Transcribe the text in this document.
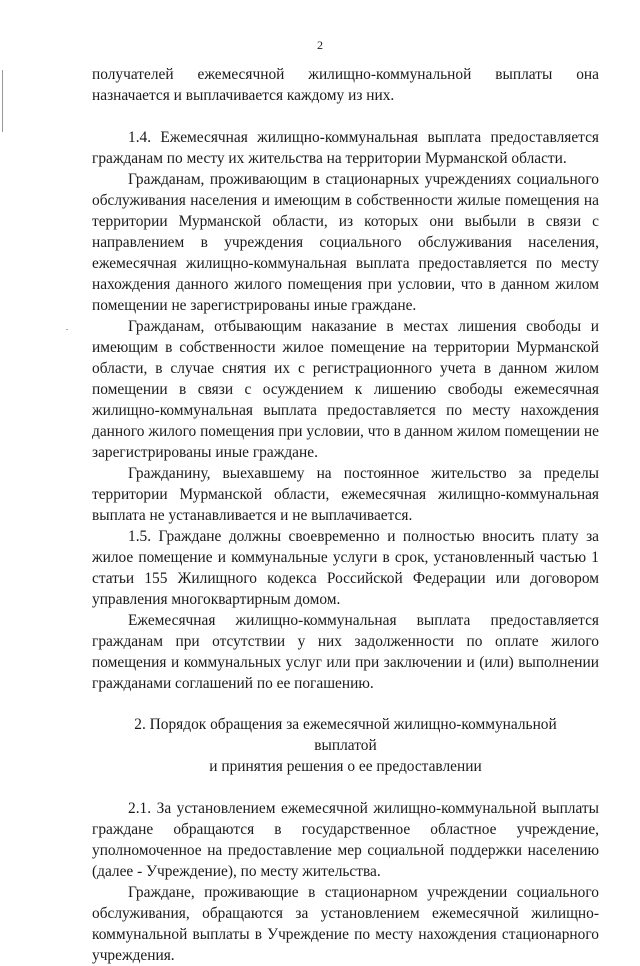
2

получателей ежемесячной жилищно-коммунальной выплаты она назначается и выплачивается каждому из них.

1.4. Ежемесячная жилищно-коммунальная выплата предоставляется гражданам по месту их жительства на территории Мурманской области.

Гражданам, проживающим в стационарных учреждениях социального обслуживания населения и имеющим в собственности жилые помещения на территории Мурманской области, из которых они выбыли в связи с направлением в учреждения социального обслуживания населения, ежемесячная жилищно-коммунальная выплата предоставляется по месту нахождения данного жилого помещения при условии, что в данном жилом помещении не зарегистрированы иные граждане.

Гражданам, отбывающим наказание в местах лишения свободы и имеющим в собственности жилое помещение на территории Мурманской области, в случае снятия их с регистрационного учета в данном жилом помещении в связи с осуждением к лишению свободы ежемесячная жилищно-коммунальная выплата предоставляется по месту нахождения данного жилого помещения при условии, что в данном жилом помещении не зарегистрированы иные граждане.

Гражданину, выехавшему на постоянное жительство за пределы территории Мурманской области, ежемесячная жилищно-коммунальная выплата не устанавливается и не выплачивается.

1.5. Граждане должны своевременно и полностью вносить плату за жилое помещение и коммунальные услуги в срок, установленный частью 1 статьи 155 Жилищного кодекса Российской Федерации или договором управления многоквартирным домом.

Ежемесячная жилищно-коммунальная выплата предоставляется гражданам при отсутствии у них задолженности по оплате жилого помещения и коммунальных услуг или при заключении и (или) выполнении гражданами соглашений по ее погашению.

2. Порядок обращения за ежемесячной жилищно-коммунальной
выплатой
и принятия решения о ее предоставлении

2.1. За установлением ежемесячной жилищно-коммунальной выплаты граждане обращаются в государственное областное учреждение, уполномоченное на предоставление мер социальной поддержки населению (далее - Учреждение), по месту жительства.

Граждане, проживающие в стационарном учреждении социального обслуживания, обращаются за установлением ежемесячной жилищно-коммунальной выплаты в Учреждение по месту нахождения стационарного учреждения.
